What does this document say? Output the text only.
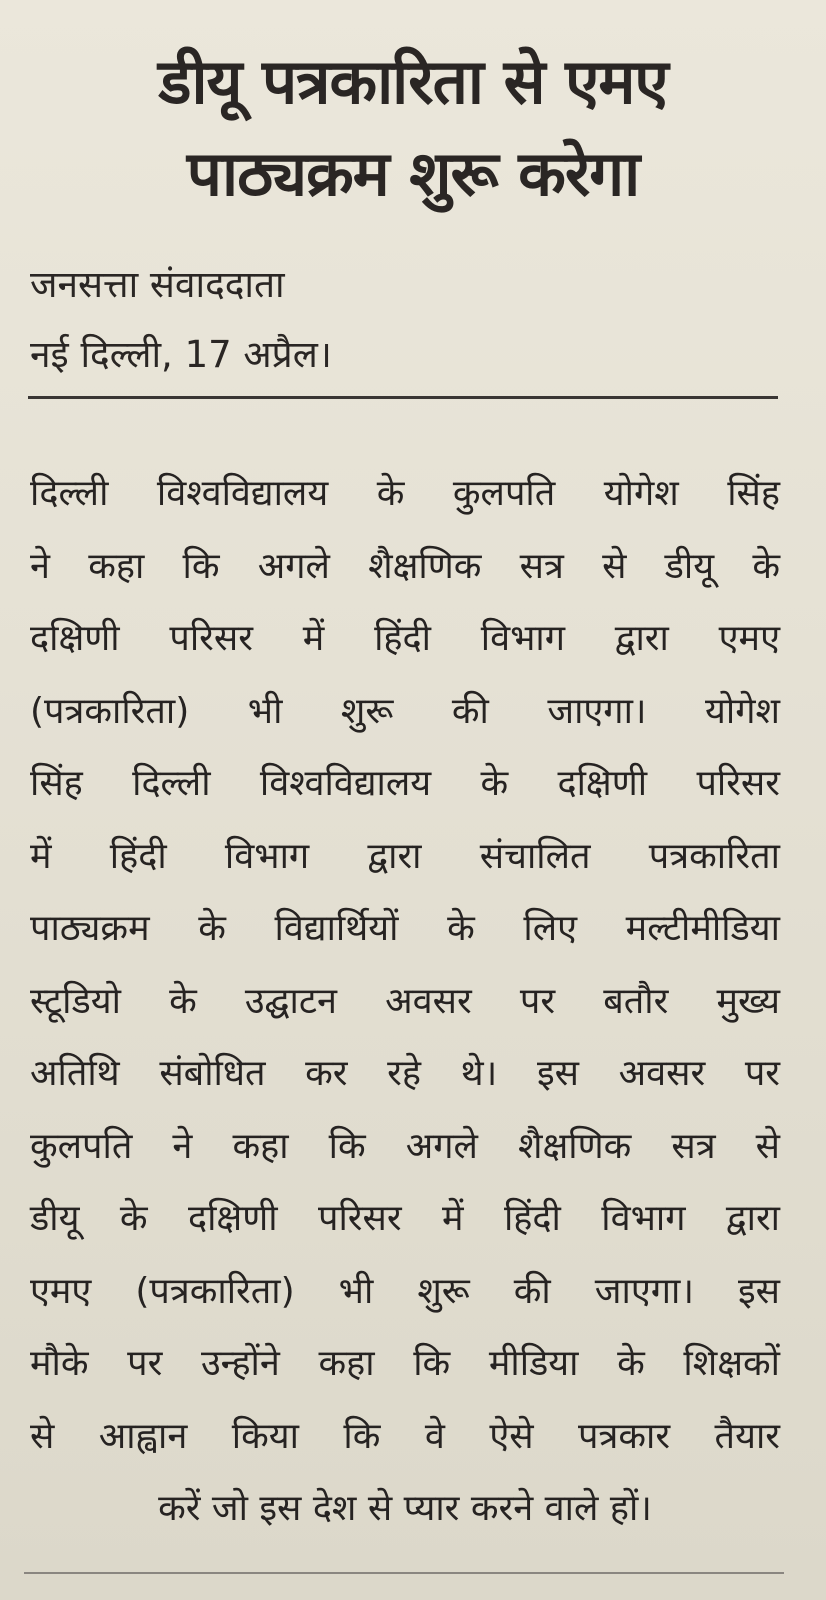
डीयू पत्रकारिता से एमए
पाठ्यक्रम शुरू करेगा
जनसत्ता संवाददाता
नई दिल्ली, 17 अप्रैल।
दिल्ली विश्वविद्यालय के कुलपति योगेश सिंह
ने कहा कि अगले शैक्षणिक सत्र से डीयू के
दक्षिणी परिसर में हिंदी विभाग द्वारा एमए
(पत्रकारिता) भी शुरू की जाएगा। योगेश
सिंह दिल्ली विश्वविद्यालय के दक्षिणी परिसर
में हिंदी विभाग द्वारा संचालित पत्रकारिता
पाठ्यक्रम के विद्यार्थियों के लिए मल्टीमीडिया
स्टूडियो के उद्घाटन अवसर पर बतौर मुख्य
अतिथि संबोधित कर रहे थे। इस अवसर पर
कुलपति ने कहा कि अगले शैक्षणिक सत्र से
डीयू के दक्षिणी परिसर में हिंदी विभाग द्वारा
एमए (पत्रकारिता) भी शुरू की जाएगा। इस
मौके पर उन्होंने कहा कि मीडिया के शिक्षकों
से आह्वान किया कि वे ऐसे पत्रकार तैयार
करें जो इस देश से प्यार करने वाले हों।
